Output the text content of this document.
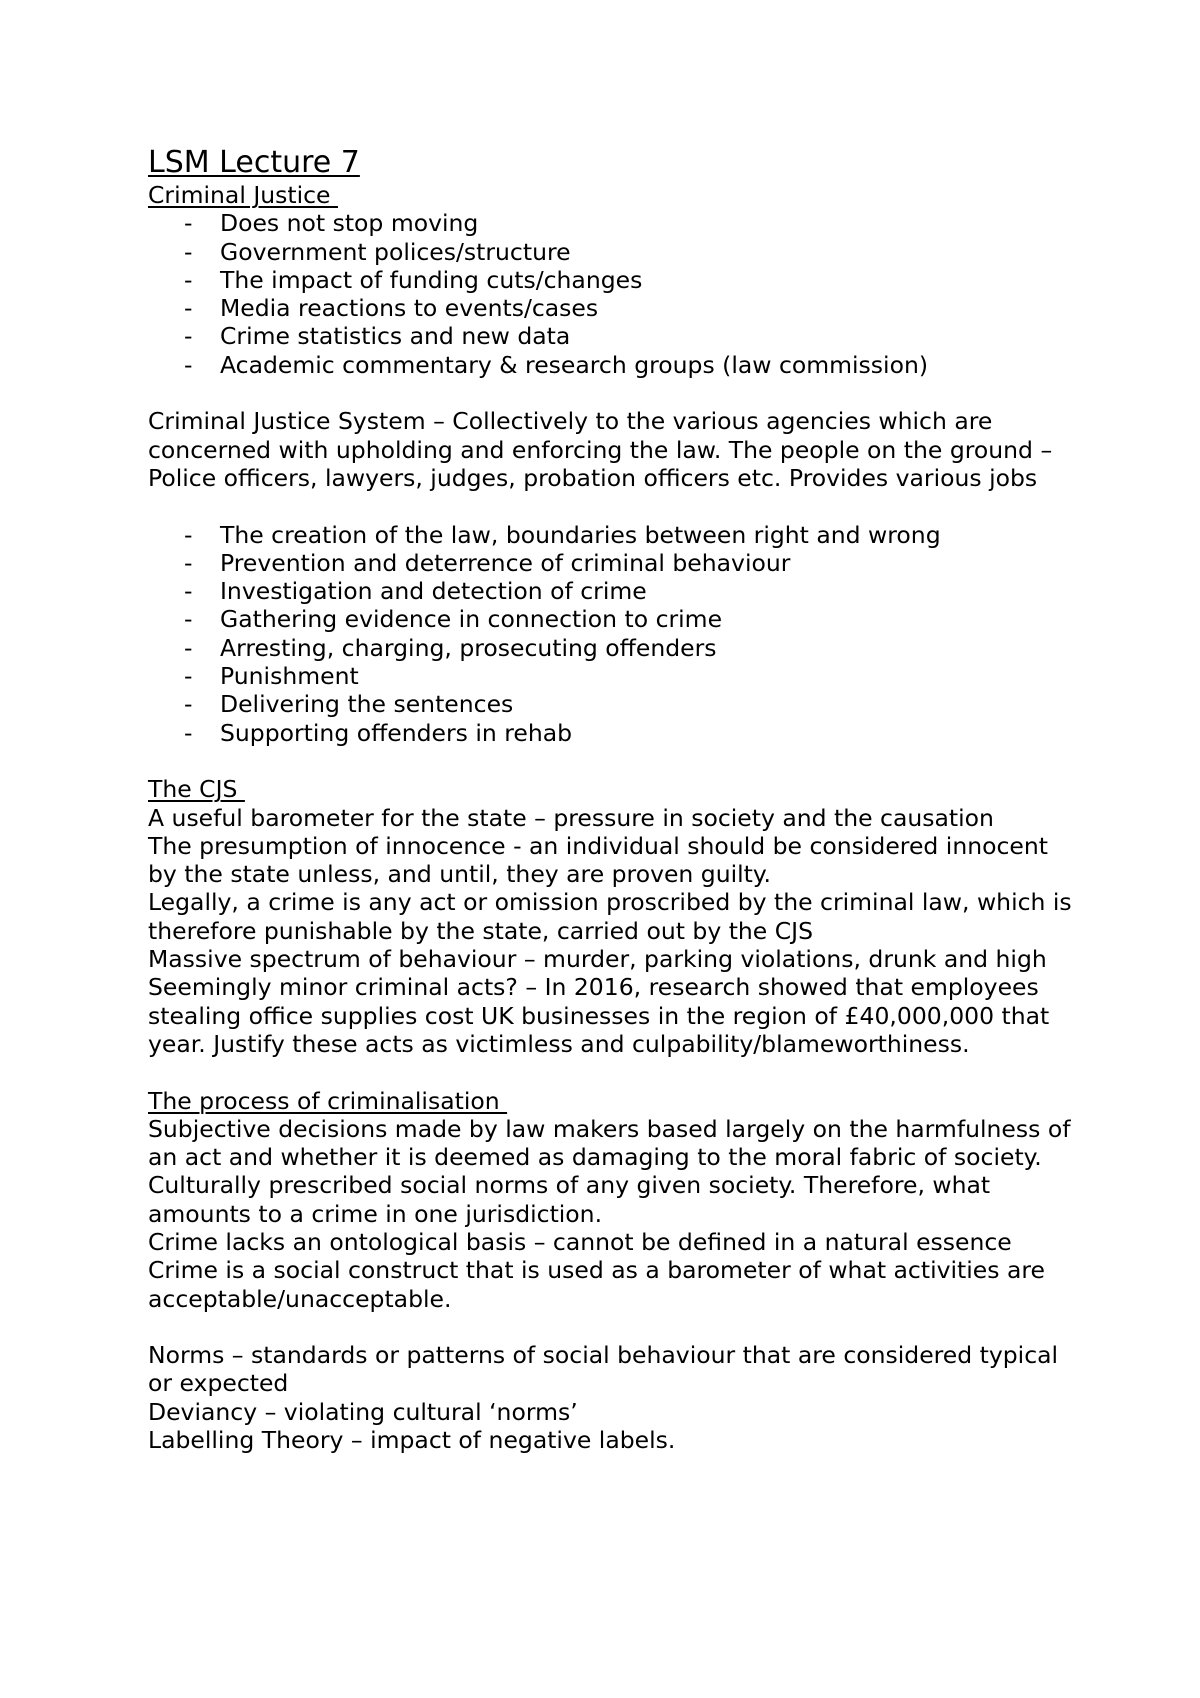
LSM Lecture 7

Criminal Justice

- Does not stop moving
- Government polices/structure
- The impact of funding cuts/changes
- Media reactions to events/cases
- Crime statistics and new data
- Academic commentary & research groups (law commission)

Criminal Justice System – Collectively to the various agencies which are concerned with upholding and enforcing the law. The people on the ground – Police officers, lawyers, judges, probation officers etc. Provides various jobs

- The creation of the law, boundaries between right and wrong
- Prevention and deterrence of criminal behaviour
- Investigation and detection of crime
- Gathering evidence in connection to crime
- Arresting, charging, prosecuting offenders
- Punishment
- Delivering the sentences
- Supporting offenders in rehab

The CJS

A useful barometer for the state – pressure in society and the causation

The presumption of innocence - an individual should be considered innocent by the state unless, and until, they are proven guilty.

Legally, a crime is any act or omission proscribed by the criminal law, which is therefore punishable by the state, carried out by the CJS

Massive spectrum of behaviour – murder, parking violations, drunk and high

Seemingly minor criminal acts? – In 2016, research showed that employees stealing office supplies cost UK businesses in the region of £40,000,000 that year. Justify these acts as victimless and culpability/blameworthiness.

The process of criminalisation

Subjective decisions made by law makers based largely on the harmfulness of an act and whether it is deemed as damaging to the moral fabric of society. Culturally prescribed social norms of any given society. Therefore, what amounts to a crime in one jurisdiction.

Crime lacks an ontological basis – cannot be defined in a natural essence

Crime is a social construct that is used as a barometer of what activities are acceptable/unacceptable.

Norms – standards or patterns of social behaviour that are considered typical or expected

Deviancy – violating cultural ‘norms’

Labelling Theory – impact of negative labels.
